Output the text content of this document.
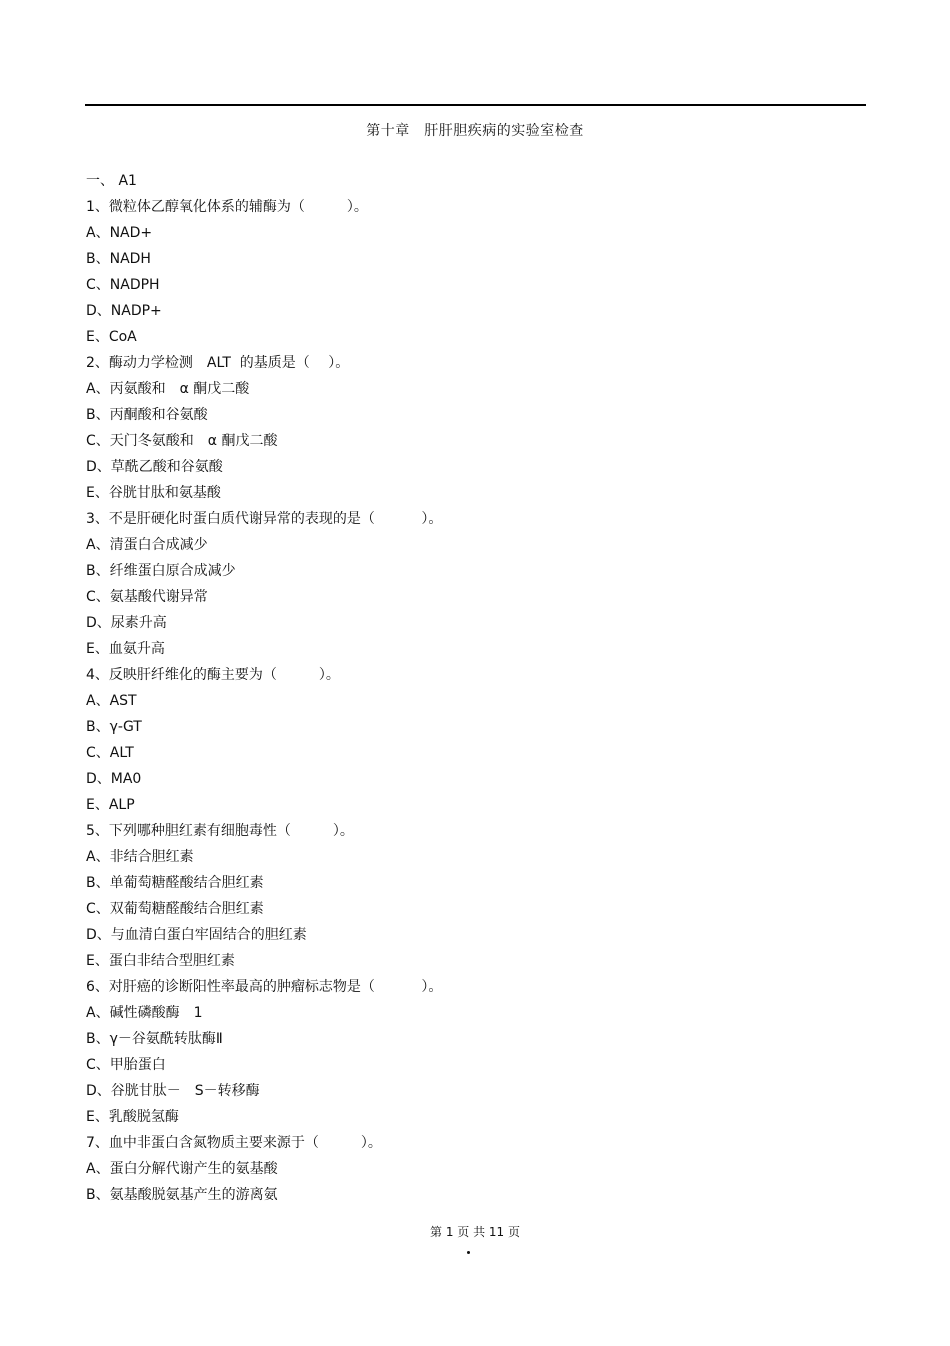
第十章　肝肝胆疾病的实验室检查
一、 A1
1、微粒体乙醇氧化体系的辅酶为（　　　）。
A、NAD+
B、NADH
C、NADPH
D、NADP+
E、CoA
2、酶动力学检测　ALT  的基质是（　 ）。
A、丙氨酸和　α 酮戊二酸
B、丙酮酸和谷氨酸
C、天门冬氨酸和　α 酮戊二酸
D、草酰乙酸和谷氨酸
E、谷胱甘肽和氨基酸
3、不是肝硬化时蛋白质代谢异常的表现的是（　　　 ）。
A、清蛋白合成减少
B、纤维蛋白原合成减少
C、氨基酸代谢异常
D、尿素升高
E、血氨升高
4、反映肝纤维化的酶主要为（　　　）。
A、AST
B、γ-GT
C、ALT
D、MA0
E、ALP
5、下列哪种胆红素有细胞毒性（　　　）。
A、非结合胆红素
B、单葡萄糖醛酸结合胆红素
C、双葡萄糖醛酸结合胆红素
D、与血清白蛋白牢固结合的胆红素
E、蛋白非结合型胆红素
6、对肝癌的诊断阳性率最高的肿瘤标志物是（　　　 ）。
A、碱性磷酸酶　1
B、γ－谷氨酰转肽酶Ⅱ
C、甲胎蛋白
D、谷胱甘肽－　S－转移酶
E、乳酸脱氢酶
7、血中非蛋白含氮物质主要来源于（　　　）。
A、蛋白分解代谢产生的氨基酸
B、氨基酸脱氨基产生的游离氨
第 1 页 共 11 页
